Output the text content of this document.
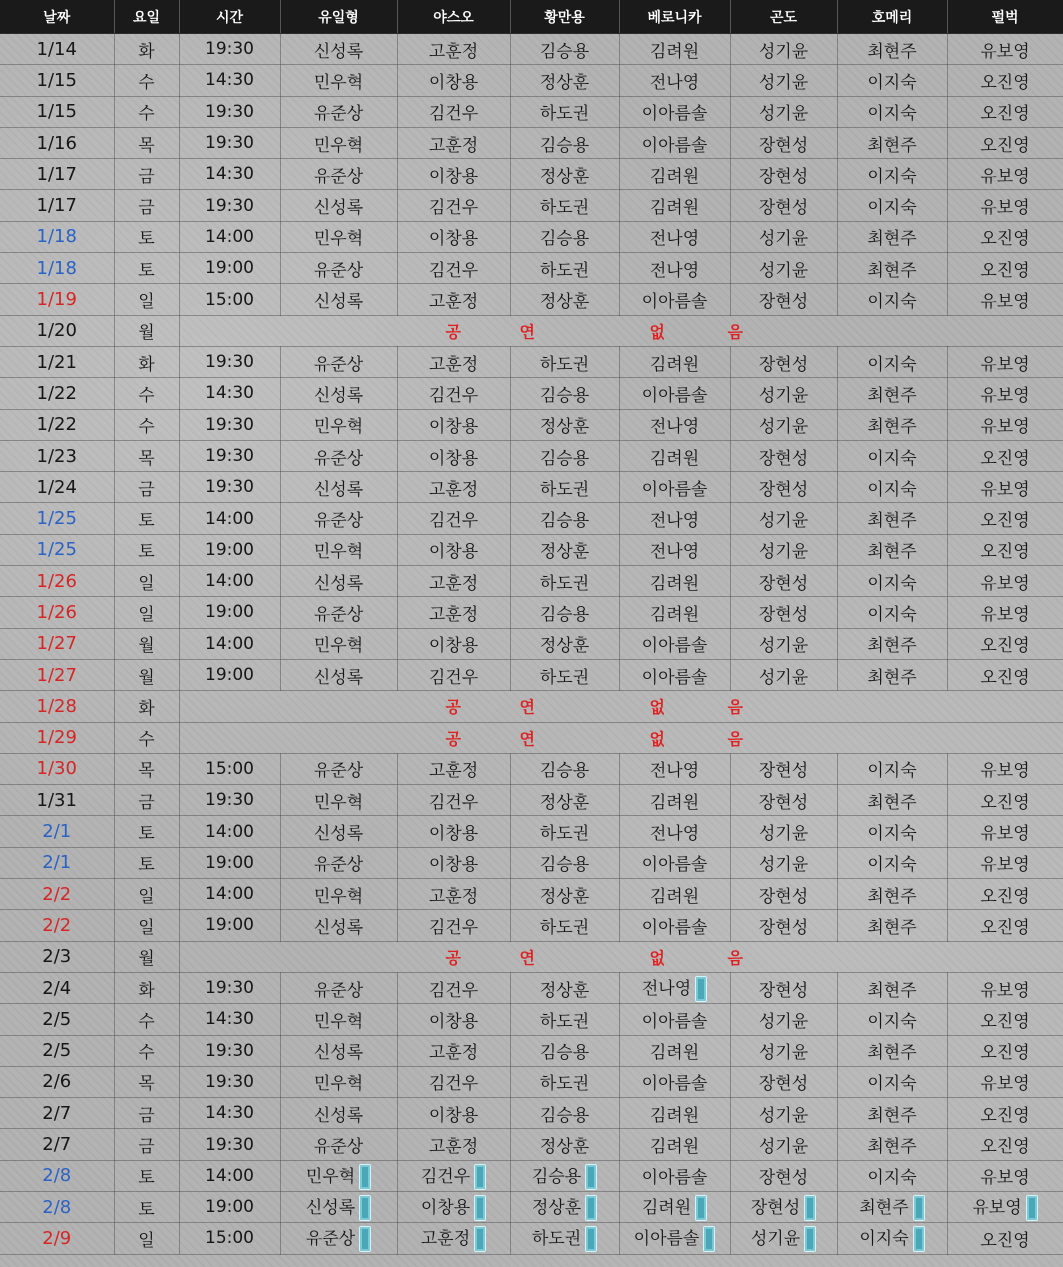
날짜	요일	시간	유일형	야스오	황만용	베로니카	곤도	호메리	펄벅
1/14	화	19:30	신성록	고훈정	김승용	김려원	성기윤	최현주	유보영
1/15	수	14:30	민우혁	이창용	정상훈	전나영	성기윤	이지숙	오진영
1/15	수	19:30	유준상	김건우	하도권	이아름솔	성기윤	이지숙	오진영
1/16	목	19:30	민우혁	고훈정	김승용	이아름솔	장현성	최현주	오진영
1/17	금	14:30	유준상	이창용	정상훈	김려원	장현성	이지숙	유보영
1/17	금	19:30	신성록	김건우	하도권	김려원	장현성	이지숙	유보영
1/18	토	14:00	민우혁	이창용	김승용	전나영	성기윤	최현주	오진영
1/18	토	19:00	유준상	김건우	하도권	전나영	성기윤	최현주	오진영
1/19	일	15:00	신성록	고훈정	정상훈	이아름솔	장현성	이지숙	유보영
1/20	월	공 연 없 음							

1/21	화	19:30	유준상	고훈정	하도권	김려원	장현성	이지숙	유보영
1/22	수	14:30	신성록	김건우	김승용	이아름솔	성기윤	최현주	유보영
1/22	수	19:30	민우혁	이창용	정상훈	전나영	성기윤	최현주	유보영
1/23	목	19:30	유준상	이창용	김승용	김려원	장현성	이지숙	오진영
1/24	금	19:30	신성록	고훈정	하도권	이아름솔	장현성	이지숙	유보영
1/25	토	14:00	유준상	김건우	김승용	전나영	성기윤	최현주	오진영
1/25	토	19:00	민우혁	이창용	정상훈	전나영	성기윤	최현주	오진영
1/26	일	14:00	신성록	고훈정	하도권	김려원	장현성	이지숙	유보영
1/26	일	19:00	유준상	고훈정	김승용	김려원	장현성	이지숙	유보영
1/27	월	14:00	민우혁	이창용	정상훈	이아름솔	성기윤	최현주	오진영
1/27	월	19:00	신성록	김건우	하도권	이아름솔	성기윤	최현주	오진영
1/28	화	공 연 없 음							

1/29	수	공 연 없 음							

1/30	목	15:00	유준상	고훈정	김승용	전나영	장현성	이지숙	유보영
1/31	금	19:30	민우혁	김건우	정상훈	김려원	장현성	최현주	오진영
2/1	토	14:00	신성록	이창용	하도권	전나영	성기윤	이지숙	유보영
2/1	토	19:00	유준상	이창용	김승용	이아름솔	성기윤	이지숙	유보영
2/2	일	14:00	민우혁	고훈정	정상훈	김려원	장현성	최현주	오진영
2/2	일	19:00	신성록	김건우	하도권	이아름솔	장현성	최현주	오진영
2/3	월	공 연 없 음							

2/4	화	19:30	유준상	김건우	정상훈	전나영	장현성	최현주	유보영
2/5	수	14:30	민우혁	이창용	하도권	이아름솔	성기윤	이지숙	오진영
2/5	수	19:30	신성록	고훈정	김승용	김려원	성기윤	최현주	오진영
2/6	목	19:30	민우혁	김건우	하도권	이아름솔	장현성	이지숙	유보영
2/7	금	14:30	신성록	이창용	김승용	김려원	성기윤	최현주	오진영
2/7	금	19:30	유준상	고훈정	정상훈	김려원	성기윤	최현주	오진영
2/8	토	14:00	민우혁	김건우	김승용	이아름솔	장현성	이지숙	유보영
2/8	토	19:00	신성록	이창용	정상훈	김려원	장현성	최현주	유보영
2/9	일	15:00	유준상	고훈정	하도권	이아름솔	성기윤	이지숙	오진영
